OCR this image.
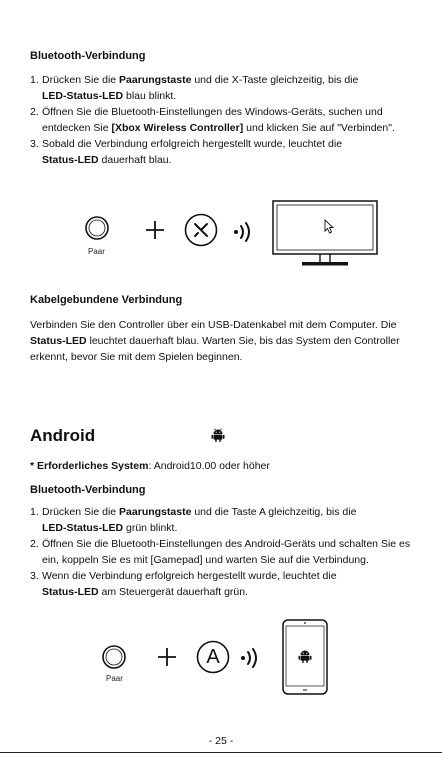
Bluetooth-Verbindung
1. Drücken Sie die Paarungstaste und die X-Taste gleichzeitig, bis die
LED-Status-LED blau blinkt.
2. Öffnen Sie die Bluetooth-Einstellungen des Windows-Geräts, suchen und entdecken Sie [Xbox Wireless Controller] und klicken Sie auf "Verbinden".
3. Sobald die Verbindung erfolgreich hergestellt wurde, leuchtet die
Status-LED dauerhaft blau.
Paar
Kabelgebundene Verbindung
Verbinden Sie den Controller über ein USB-Datenkabel mit dem Computer. Die Status-LED leuchtet dauerhaft blau. Warten Sie, bis das System den Controller erkennt, bevor Sie mit dem Spielen beginnen.
Android
* Erforderliches System: Android10.00 oder höher
Bluetooth-Verbindung
1. Drücken Sie die Paarungstaste und die Taste A gleichzeitig, bis die
LED-Status-LED grün blinkt.
2. Öffnen Sie die Bluetooth-Einstellungen des Android-Geräts und schalten Sie es ein, koppeln Sie es mit [Gamepad] und warten Sie auf die Verbindung.
3. Wenn die Verbindung erfolgreich hergestellt wurde, leuchtet die
Status-LED am Steuergerät dauerhaft grün.
Paar
A
- 25 -
